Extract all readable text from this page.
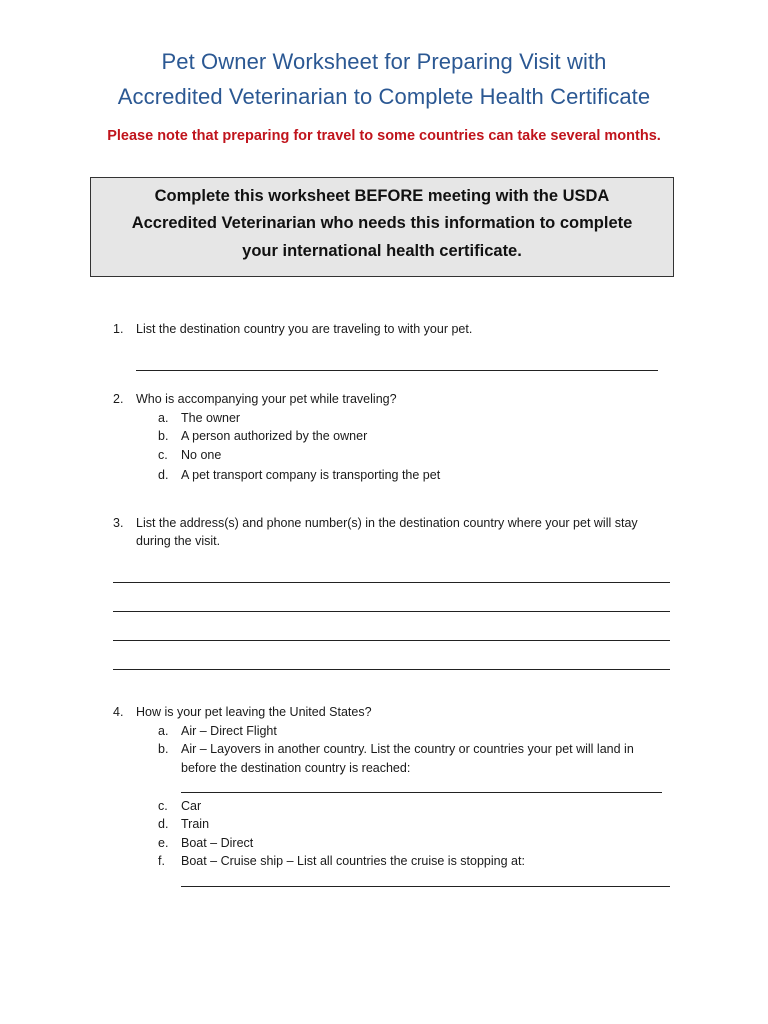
Pet Owner Worksheet for Preparing Visit with
Accredited Veterinarian to Complete Health Certificate
Please note that preparing for travel to some countries can take several months.
Complete this worksheet BEFORE meeting with the USDA
Accredited Veterinarian who needs this information to complete
your international health certificate.
1. List the destination country you are traveling to with your pet.
2. Who is accompanying your pet while traveling?
a. The owner
b. A person authorized by the owner
c. No one
d. A pet transport company is transporting the pet
3. List the address(s) and phone number(s) in the destination country where your pet will stay
during the visit.
4. How is your pet leaving the United States?
a. Air – Direct Flight
b. Air – Layovers in another country. List the country or countries your pet will land in
before the destination country is reached:
c. Car
d. Train
e. Boat – Direct
f. Boat – Cruise ship – List all countries the cruise is stopping at:
